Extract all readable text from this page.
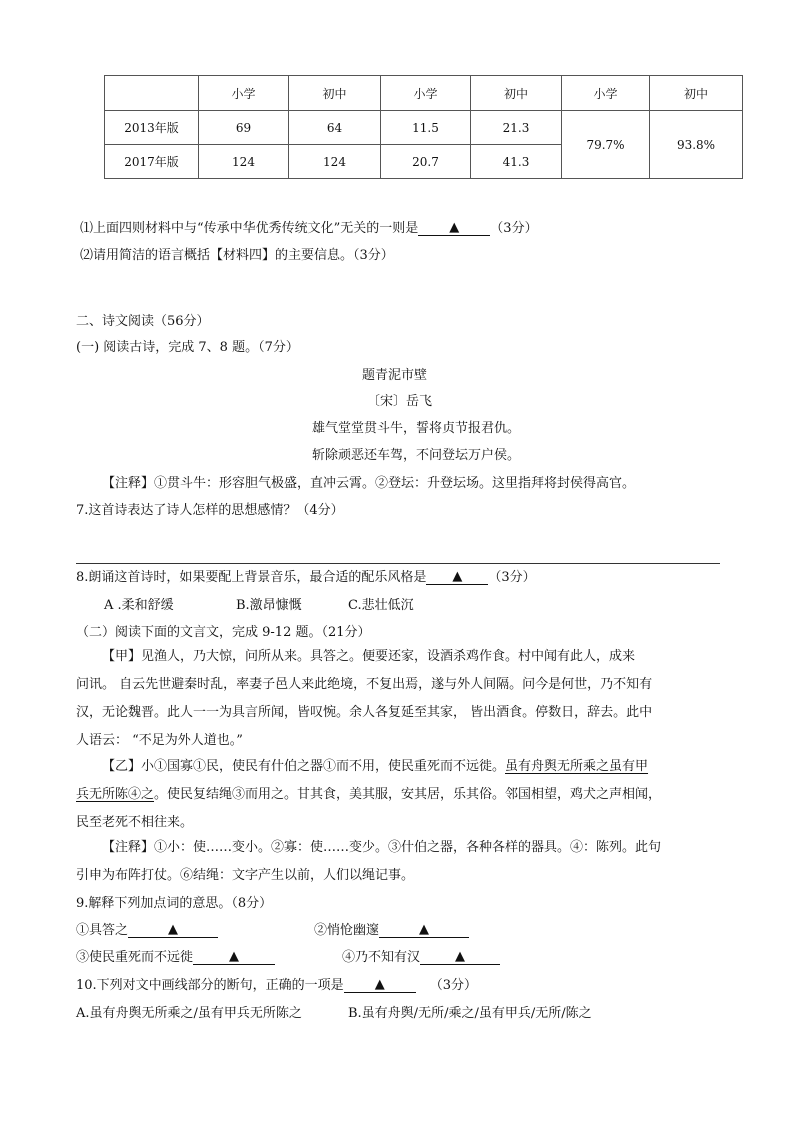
	小学	初中	小学	初中	小学	初中
2013年版	69	64	11.5	21.3	79.7%	93.8%
2017年版	124	124	20.7	41.3		
⑴上面四则材料中与“传承中华优秀传统文化”无关的一则是 ▲ （3分）
⑵请用简洁的语言概括【材料四】的主要信息。（3分）
二、诗文阅读（56分）
(一) 阅读古诗，完成 7、8 题。（7分）
题青泥市壁
〔宋〕岳飞
雄气堂堂贯斗牛，誓将贞节报君仇。
斩除顽恶还车驾，不问登坛万户侯。
【注释】①贯斗牛：形容胆气极盛，直冲云霄。②登坛：升登坛场。这里指拜将封侯得高官。
7.这首诗表达了诗人怎样的思想感情？（4分）
8.朗诵这首诗时，如果要配上背景音乐，最合适的配乐风格是 ▲ （3分）
A .柔和舒缓	B.激昂慷慨	C.悲壮低沉
（二）阅读下面的文言文，完成 9-12 题。（21分）
【甲】见渔人，乃大惊，问所从来。具答之。便要还家，设酒杀鸡作食。村中闻有此人，成来
问讯。 自云先世避秦时乱，率妻子邑人来此绝境，不复出焉，遂与外人间隔。问今是何世，乃不知有
汉，无论魏晋。此人一一为具言所闻，皆叹惋。余人各复延至其家， 皆出酒食。停数日，辞去。此中
人语云： “不足为外人道也。”
【乙】小①国寡①民，使民有什伯之器①而不用，使民重死而不远徙。虽有舟舆无所乘之虽有甲
兵无所陈④之。使民复结绳③而用之。甘其食，美其服，安其居，乐其俗。邻国相望，鸡犬之声相闻，
民至老死不相往来。
【注释】①小：使……变小。②寡：使……变少。③什伯之器，各种各样的器具。④：陈列。此句
引申为布阵打仗。⑥结绳：文字产生以前，人们以绳记事。
9.解释下列加点词的意思。（8分）
①具答之	▲	②悄怆幽邃	▲
③使民重死而不远徙	▲	④乃不知有汉	▲
10.下列对文中画线部分的断句，正确的一项是 ▲	（3分）
A.虽有舟舆无所乘之/虽有甲兵无所陈之	B.虽有舟舆/无所/乘之/虽有甲兵/无所/陈之
